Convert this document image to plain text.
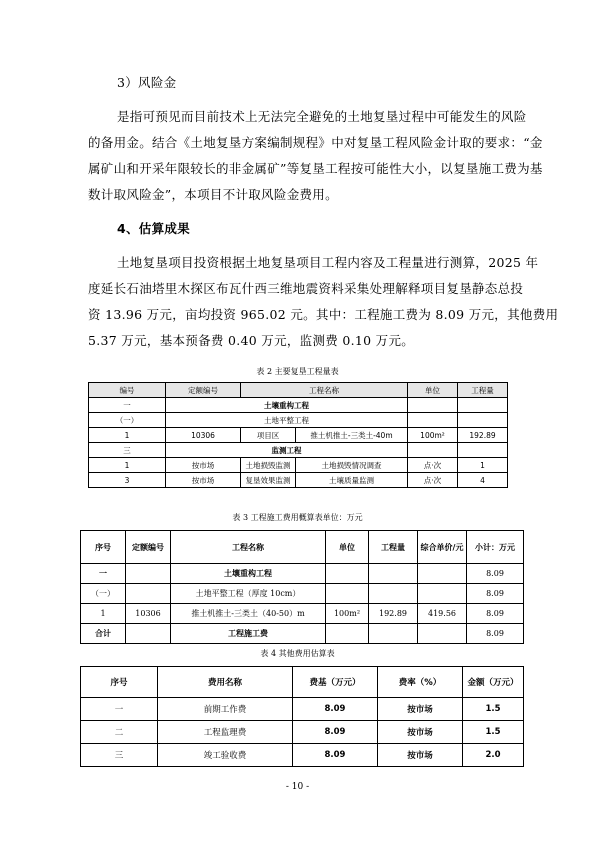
3）风险金
是指可预见而目前技术上无法完全避免的土地复垦过程中可能发生的风险
的备用金。结合《土地复垦方案编制规程》中对复垦工程风险金计取的要求：“金
属矿山和开采年限较长的非金属矿”等复垦工程按可能性大小，以复垦施工费为基
数计取风险金”，本项目不计取风险金费用。
4、估算成果
土地复垦项目投资根据土地复垦项目工程内容及工程量进行测算，2025 年
度延长石油塔里木探区布瓦什西三维地震资料采集处理解释项目复垦静态总投
资 13.96 万元，亩均投资 965.02 元。其中：工程施工费为 8.09 万元，其他费用
5.37 万元，基本预备费 0.40 万元，监测费 0.10 万元。
表 2 主要复垦工程量表
编号	定额编号	工程名称		单位	工程量
一	土壤重构工程				
（一）	土地平整工程				
1	10306	项目区	推土机推土-三类土-40m	100m²	192.89
三	监测工程				
1	按市场	土地损毁监测	土地损毁情况调查	点·次	1
3	按市场	复垦效果监测	土壤质量监测	点·次	4
表 3 工程施工费用概算表单位：万元
序号	定额编号	工程名称	单位	工程量	综合单价/元	小计：万元
一		土壤重构工程				8.09
（一）		土地平整工程（厚度 10cm）				8.09
1	10306	推土机推土-三类土（40-50）m	100m²	192.89	419.56	8.09
合计		工程施工费				8.09
表 4 其他费用估算表
序号	费用名称	费基（万元）	费率（%）	金额（万元）
一	前期工作费	8.09	按市场	1.5
二	工程监理费	8.09	按市场	1.5
三	竣工验收费	8.09	按市场	2.0
- 10 -
